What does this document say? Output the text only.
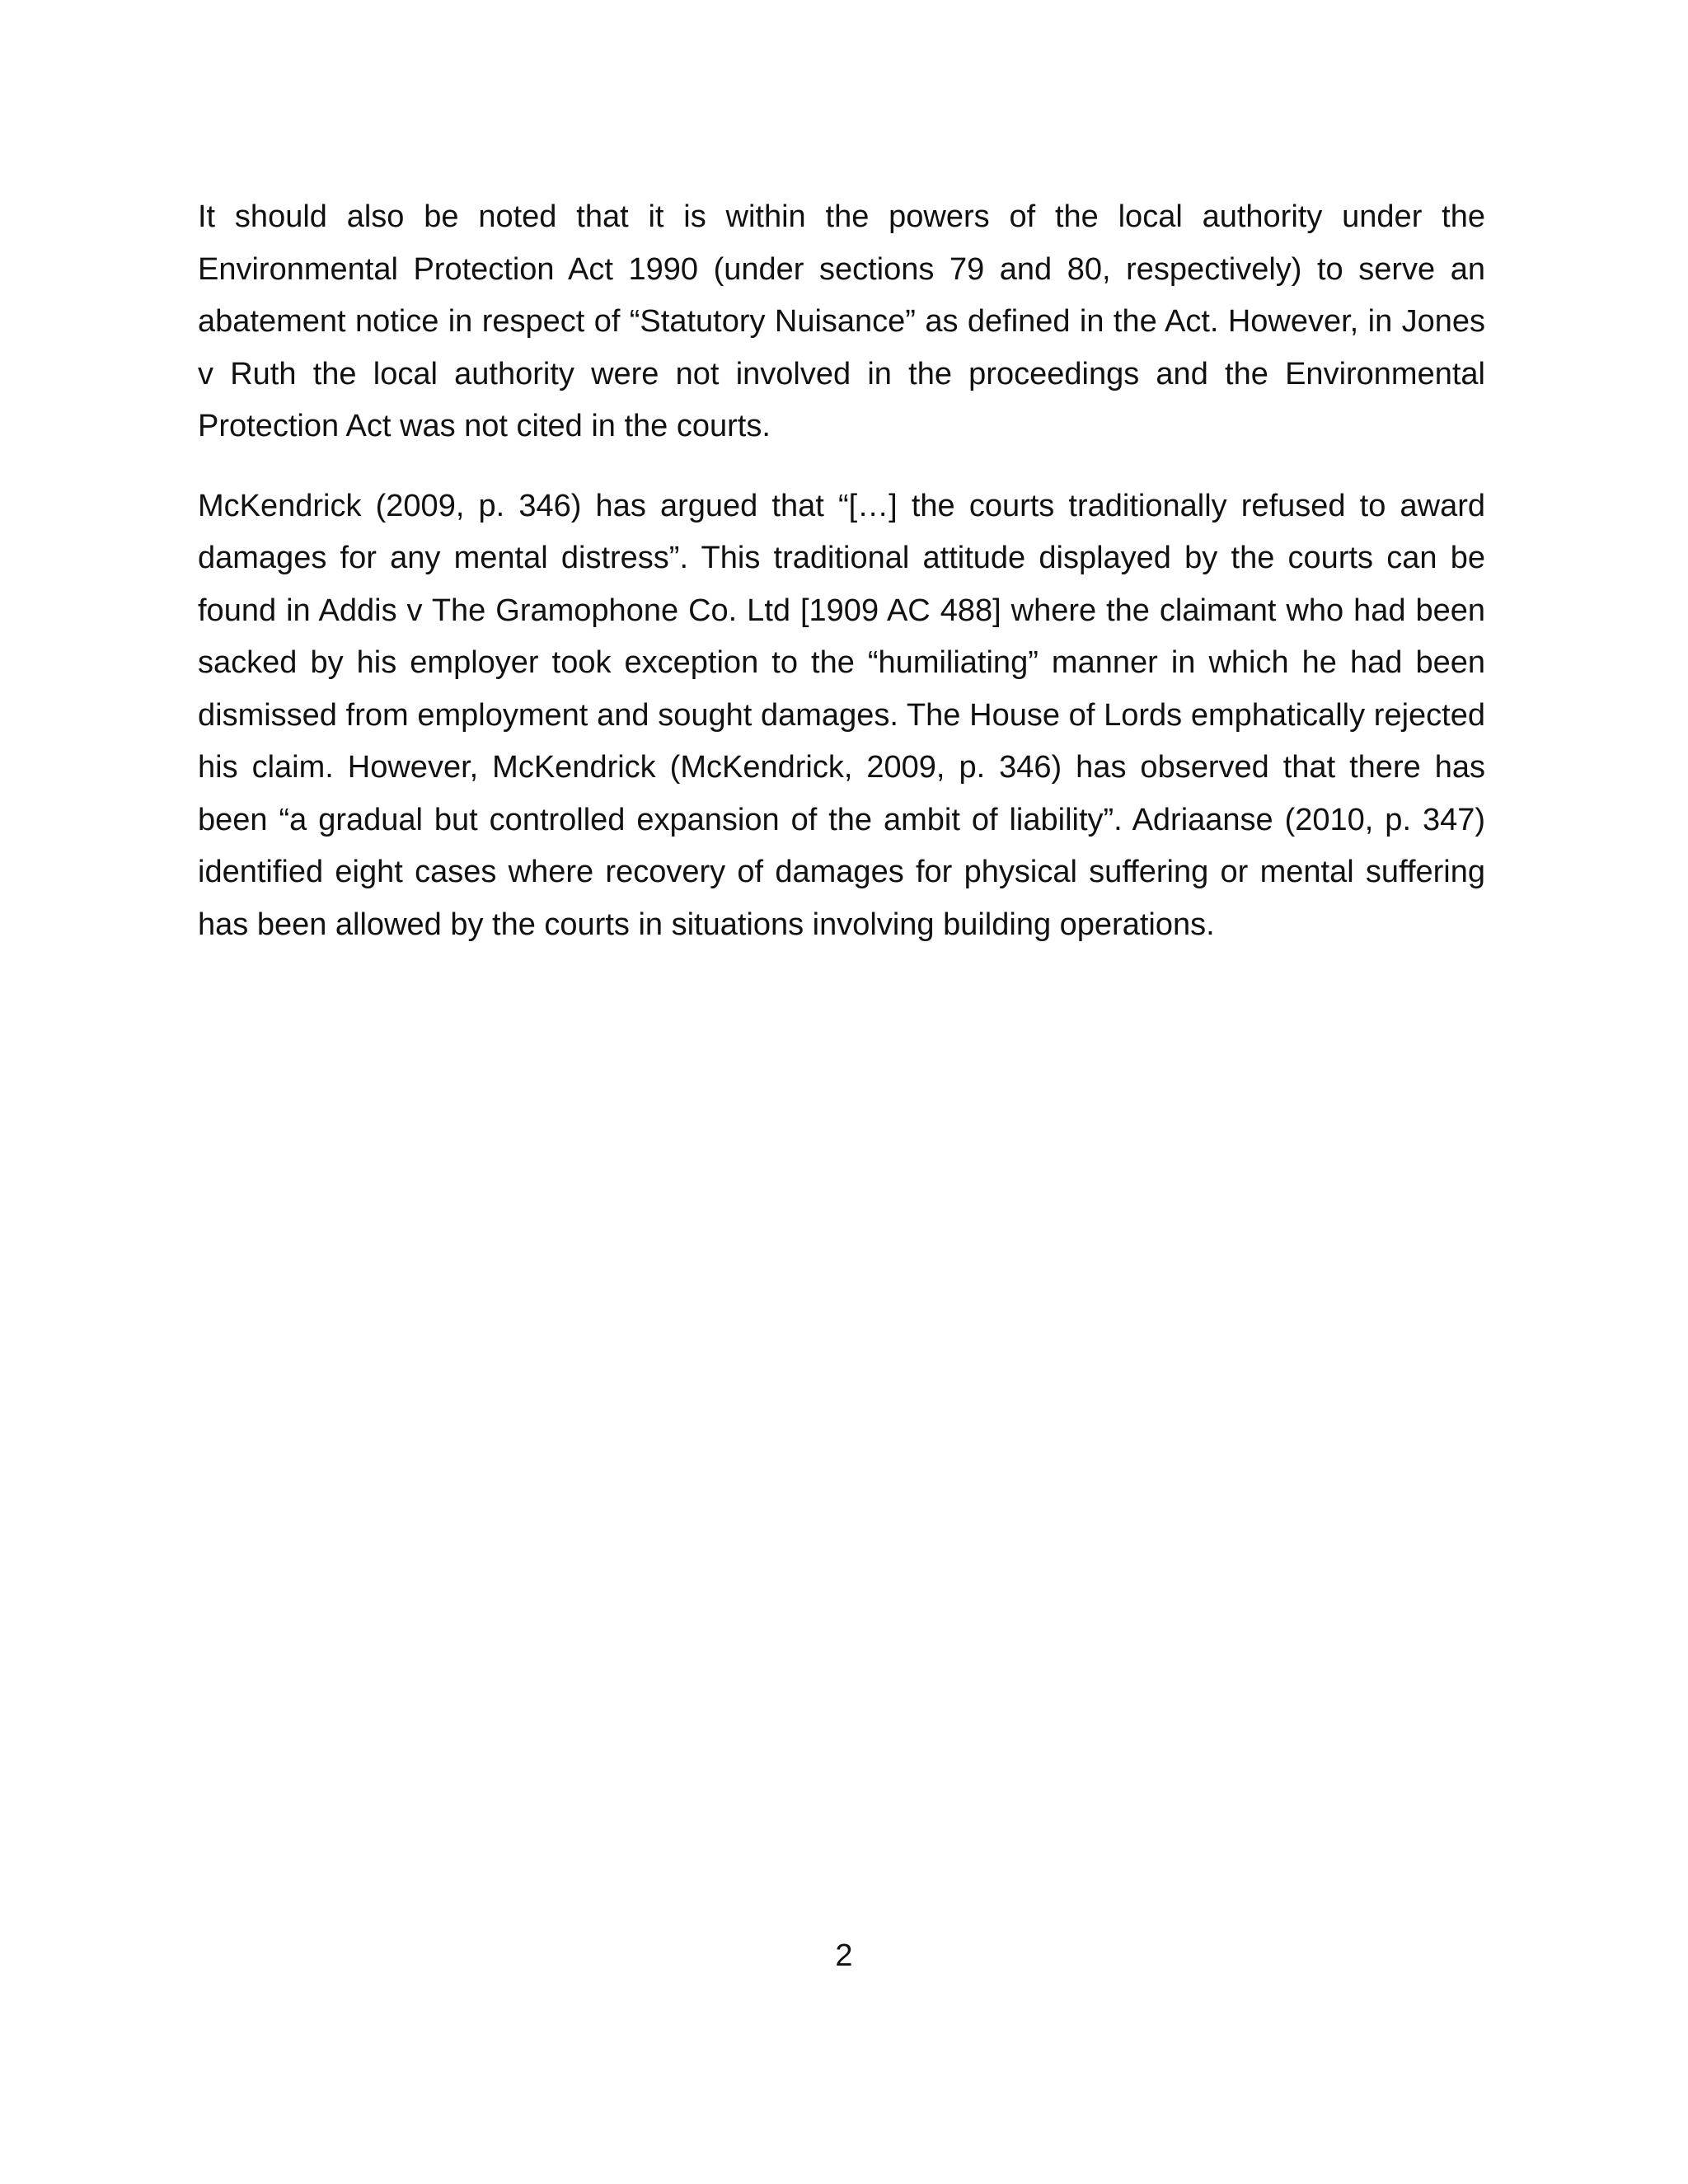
It should also be noted that it is within the powers of the local authority under the Environmental Protection Act 1990 (under sections 79 and 80, respectively) to serve an abatement notice in respect of “Statutory Nuisance” as defined in the Act. However, in Jones v Ruth the local authority were not involved in the proceedings and the Environmental Protection Act was not cited in the courts.

McKendrick (2009, p. 346) has argued that “[…] the courts traditionally refused to award damages for any mental distress”. This traditional attitude displayed by the courts can be found in Addis v The Gramophone Co. Ltd [1909 AC 488] where the claimant who had been sacked by his employer took exception to the “humiliating” manner in which he had been dismissed from employment and sought damages. The House of Lords emphatically rejected his claim. However, McKendrick (McKendrick, 2009, p. 346) has observed that there has been “a gradual but controlled expansion of the ambit of liability”. Adriaanse (2010, p. 347) identified eight cases where recovery of damages for physical suffering or mental suffering has been allowed by the courts in situations involving building operations.

2
